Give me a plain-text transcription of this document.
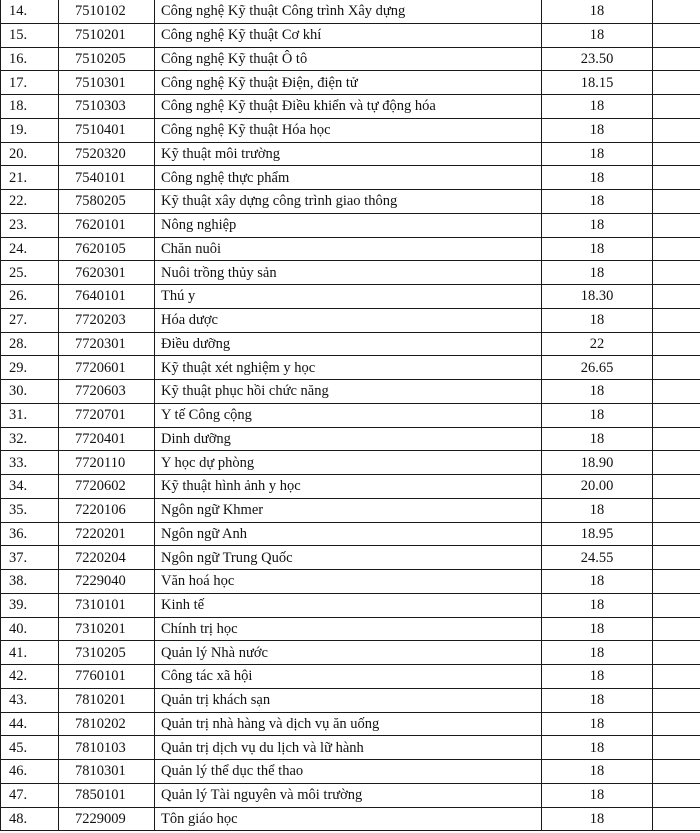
14.	7510102	Công nghệ Kỹ thuật Công trình Xây dựng	18	
15.	7510201	Công nghệ Kỹ thuật Cơ khí	18	
16.	7510205	Công nghệ Kỹ thuật Ô tô	23.50	
17.	7510301	Công nghệ Kỹ thuật Điện, điện tử	18.15	
18.	7510303	Công nghệ Kỹ thuật Điều khiển và tự động hóa	18	
19.	7510401	Công nghệ Kỹ thuật Hóa học	18	
20.	7520320	Kỹ thuật môi trường	18	
21.	7540101	Công nghệ thực phẩm	18	
22.	7580205	Kỹ thuật xây dựng công trình giao thông	18	
23.	7620101	Nông nghiệp	18	
24.	7620105	Chăn nuôi	18	
25.	7620301	Nuôi trồng thủy sản	18	
26.	7640101	Thú y	18.30	
27.	7720203	Hóa dược	18	
28.	7720301	Điều dưỡng	22	
29.	7720601	Kỹ thuật xét nghiệm y học	26.65	
30.	7720603	Kỹ thuật phục hồi chức năng	18	
31.	7720701	Y tế Công cộng	18	
32.	7720401	Dinh dưỡng	18	
33.	7720110	Y học dự phòng	18.90	
34.	7720602	Kỹ thuật hình ảnh y học	20.00	
35.	7220106	Ngôn ngữ Khmer	18	
36.	7220201	Ngôn ngữ Anh	18.95	
37.	7220204	Ngôn ngữ Trung Quốc	24.55	
38.	7229040	Văn hoá học	18	
39.	7310101	Kinh tế	18	
40.	7310201	Chính trị học	18	
41.	7310205	Quản lý Nhà nước	18	
42.	7760101	Công tác xã hội	18	
43.	7810201	Quản trị khách sạn	18	
44.	7810202	Quản trị nhà hàng và dịch vụ ăn uống	18	
45.	7810103	Quản trị dịch vụ du lịch và lữ hành	18	
46.	7810301	Quản lý thể dục thể thao	18	
47.	7850101	Quản lý Tài nguyên và môi trường	18	
48.	7229009	Tôn giáo học	18	
